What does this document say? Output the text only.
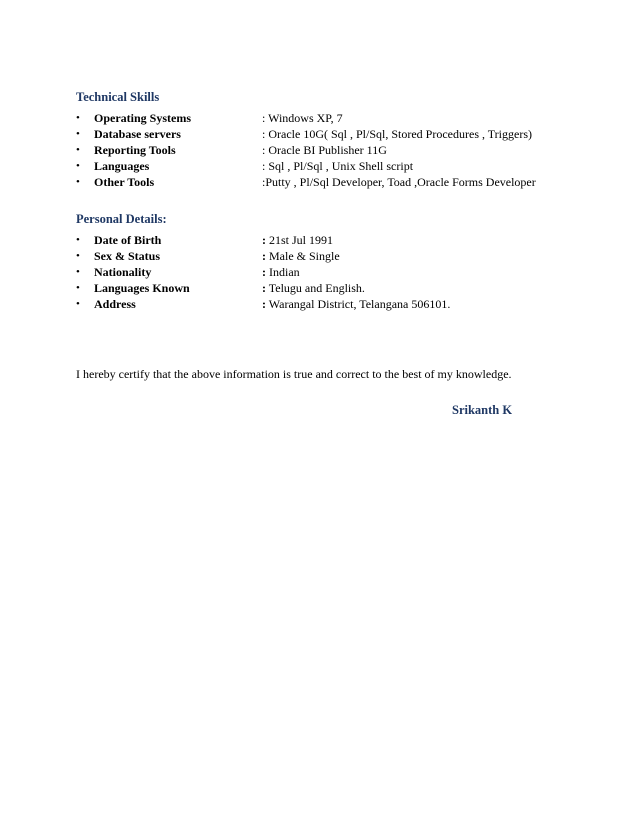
Technical Skills
•	Operating Systems	: Windows XP, 7
•	Database servers	: Oracle 10G( Sql , Pl/Sql, Stored Procedures , Triggers)
•	Reporting Tools	: Oracle BI Publisher 11G
•	Languages	: Sql , Pl/Sql , Unix Shell script
•	Other Tools	:Putty , Pl/Sql Developer, Toad ,Oracle Forms Developer
Personal Details:
•	Date of Birth	: 21st Jul 1991
•	Sex & Status	: Male & Single
•	Nationality	: Indian
•	Languages Known	: Telugu and English.
•	Address	: Warangal District, Telangana 506101.
I hereby certify that the above information is true and correct to the best of my knowledge.
Srikanth K
